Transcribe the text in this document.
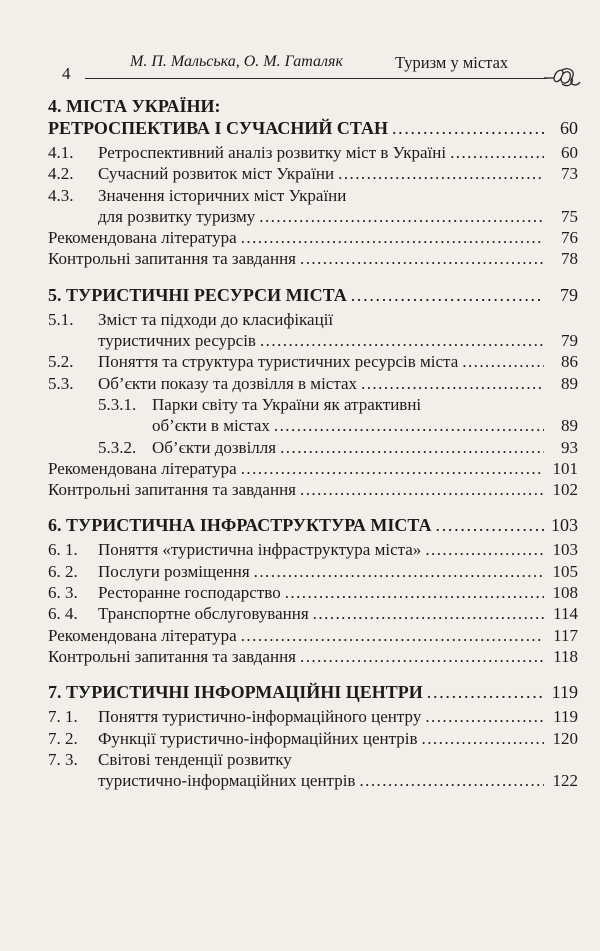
4
М. П. Мальська, О. М. Гаталяк	Туризм у містах
4. МІСТА УКРАЇНИ:
РЕТРОСПЕКТИВА І СУЧАСНИЙ СТАН . . .	60
4.1.	Ретроспективний аналіз розвитку міст в Україні . . .	60
4.2.	Сучасний розвиток міст України . . .	73
4.3.	Значення історичних міст України
для розвитку туризму . . .	75
Рекомендована література . . .	76
Контрольні запитання та завдання . . .	78
5. ТУРИСТИЧНІ РЕСУРСИ МІСТА . . .	79
5.1.	Зміст та підходи до класифікації
туристичних ресурсів . . .	79
5.2.	Поняття та структура туристичних ресурсів міста . . .	86
5.3.	Об’єкти показу та дозвілля в містах . . .	89
5.3.1. Парки світу та України як атрактивні
об’єкти в містах . . .	89
5.3.2. Об’єкти дозвілля . . .	93
Рекомендована література . . .	101
Контрольні запитання та завдання . . .	102
6. ТУРИСТИЧНА ІНФРАСТРУКТУРА МІСТА . . .	103
6. 1.	Поняття «туристична інфраструктура міста» . . .	103
6. 2.	Послуги розміщення . . .	105
6. 3.	Ресторанне господарство . . .	108
6. 4.	Транспортне обслуговування . . .	114
Рекомендована література . . .	117
Контрольні запитання та завдання . . .	118
7. ТУРИСТИЧНІ ІНФОРМАЦІЙНІ ЦЕНТРИ . . .	119
7. 1.	Поняття туристично-інформаційного центру . . .	119
7. 2.	Функції туристично-інформаційних центрів . . .	120
7. 3.	Світові тенденції розвитку
туристично-інформаційних центрів . . .	122
